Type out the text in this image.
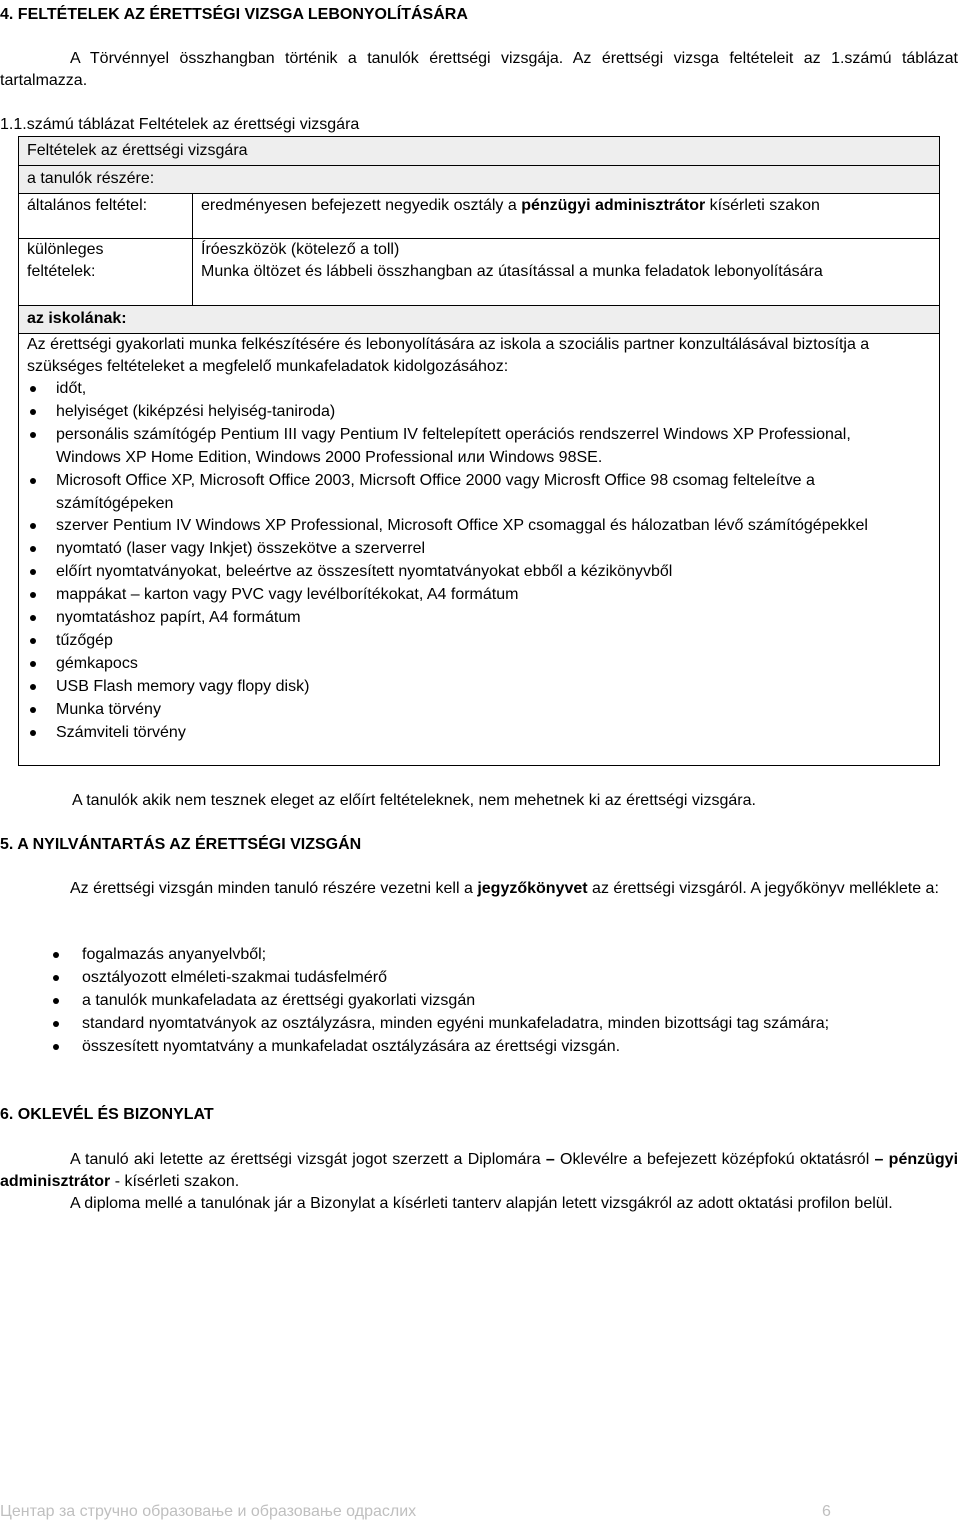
4. FELTÉTELEK AZ ÉRETTSÉGI VIZSGA LEBONYOLÍTÁSÁRA
A Törvénnyel összhangban történik a tanulók érettségi vizsgája. Az érettségi vizsga feltételeit az 1.számú táblázat tartalmazza.
1.1.számú táblázat Feltételek az érettségi vizsgára
Feltételek az érettségi vizsgára
a tanulók részére:
általános feltétel:	eredményesen befejezett negyedik osztály a pénzügyi adminisztrátor kísérleti szakon
különleges feltételek:
Íróeszközök (kötelező a toll)
Munka öltözet és lábbeli összhangban az útasítással a munka feladatok lebonyolítására
az iskolának:
Az érettségi gyakorlati munka felkészítésére és lebonyolítására az iskola a szociális partner konzultálásával biztosítja a szükséges feltételeket a megfelelő munkafeladatok kidolgozásához:
időt,
helyiséget (kiképzési helyiség-taniroda)
personális számítógép Pentium III vagy Pentium IV feltelepített operációs rendszerrel Windows XP Professional, Windows XP Home Edition, Windows 2000 Professional или Windows 98SE.
Microsoft Office XP, Microsoft Office 2003, Micrsoft Office 2000 vagy Microsft Office 98 csomag felteleítve a számítógépeken
szerver Pentium IV Windows XP Professional, Microsoft Office XP csomaggal és hálozatban lévő számítógépekkel
nyomtató (laser vagy Inkjet) összekötve a szerverrel
előírt nyomtatványokat, beleértve az összesített nyomtatványokat ebből a kézikönyvből
mappákat – karton vagy PVC vagy levélborítékokat, A4 formátum
nyomtatáshoz papírt, A4 formátum
tűzőgép
gémkapocs
USB Flash memory vagy flopy disk)
Munka törvény
Számviteli törvény
A tanulók akik nem tesznek eleget az előírt feltételeknek, nem mehetnek ki az érettségi vizsgára.
5. A NYILVÁNTARTÁS AZ ÉRETTSÉGI VIZSGÁN
Az érettségi vizsgán minden tanuló részére vezetni kell a jegyzőkönyvet az érettségi vizsgáról. A jegyőkönyv melléklete a:
fogalmazás anyanyelvből;
osztályozott elméleti-szakmai tudásfelmérő
a tanulók munkafeladata az érettségi gyakorlati vizsgán
standard nyomtatványok az osztályzásra, minden egyéni munkafeladatra, minden bizottsági tag számára;
összesített nyomtatvány a munkafeladat osztályzására az érettségi vizsgán.
6. OKLEVÉL ÉS BIZONYLAT
A tanuló aki letette az érettségi vizsgát jogot szerzett a Diplomára – Oklevélre a befejezett középfokú oktatásról – pénzügyi adminisztrátor - kísérleti szakon.
A diploma mellé a tanulónak jár a Bizonylat a kísérleti tanterv alapján letett vizsgákról az adott oktatási profilon belül.
Центар за стручно образовање и образовање одраслих	6
